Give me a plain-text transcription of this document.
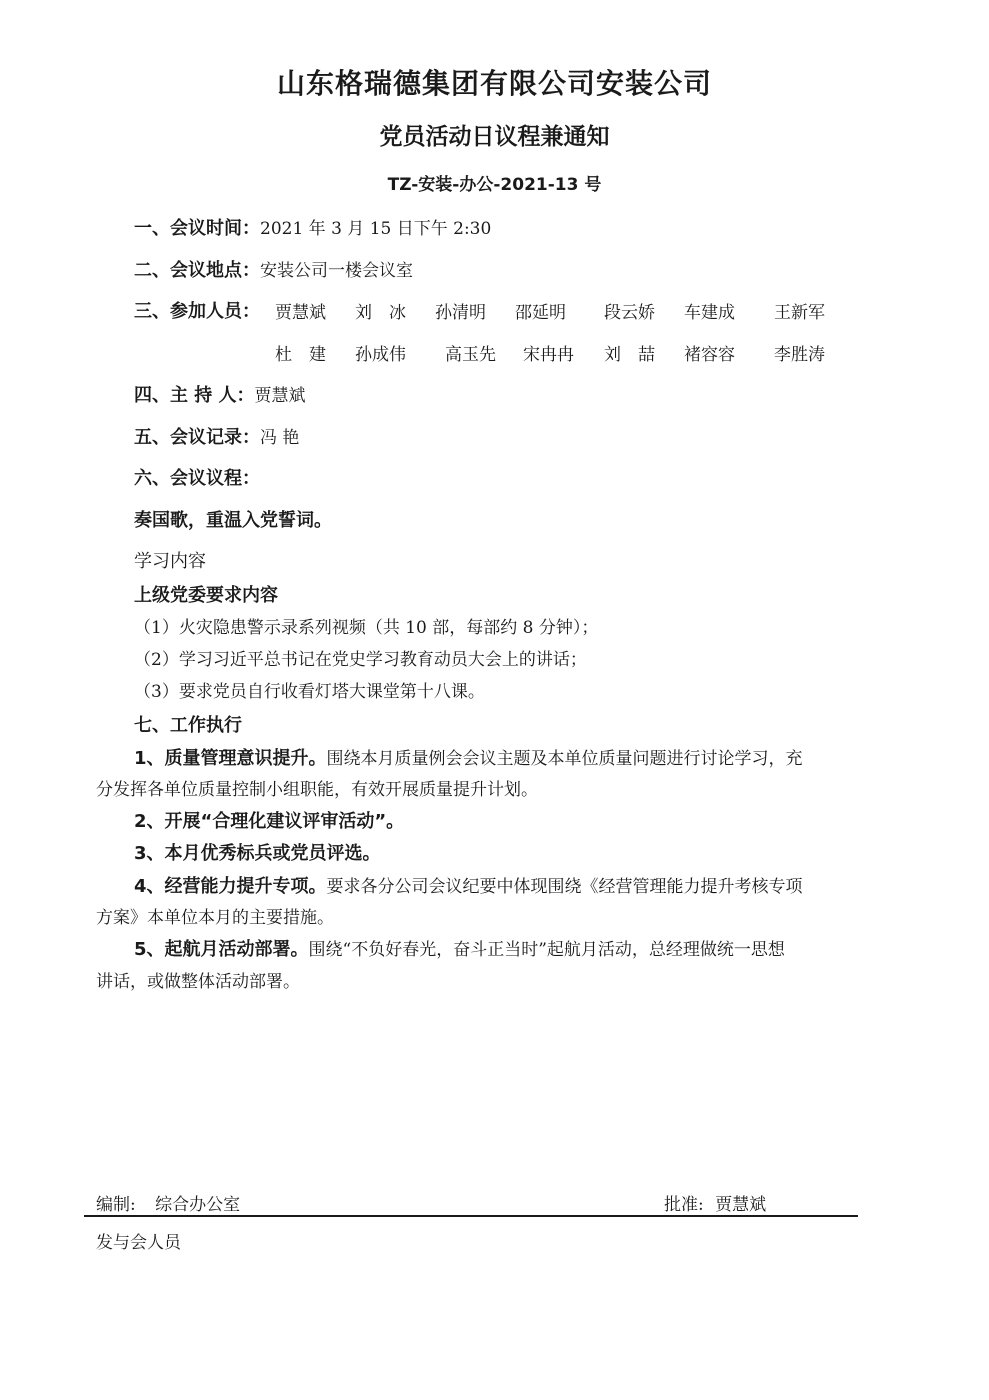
山东格瑞德集团有限公司安装公司
党员活动日议程兼通知
TZ-安装-办公-2021-13 号
一、会议时间：2021 年 3 月 15 日下午 2:30
二、会议地点：安装公司一楼会议室
三、参加人员： 贾慧斌 刘　冰 孙清明 邵延明 段云娇 车建成 王新军
杜　建 孙成伟 高玉先 宋冉冉 刘　喆 褚容容 李胜涛
四、主 持 人：贾慧斌
五、会议记录：冯 艳
六、会议议程：
奏国歌，重温入党誓词。
学习内容
上级党委要求内容
（1）火灾隐患警示录系列视频（共 10 部，每部约 8 分钟）；
（2）学习习近平总书记在党史学习教育动员大会上的讲话；
（3）要求党员自行收看灯塔大课堂第十八课。
七、工作执行
1、质量管理意识提升。围绕本月质量例会会议主题及本单位质量问题进行讨论学习，充
分发挥各单位质量控制小组职能，有效开展质量提升计划。
2、开展“合理化建议评审活动”。
3、本月优秀标兵或党员评选。
4、经营能力提升专项。要求各分公司会议纪要中体现围绕《经营管理能力提升考核专项
方案》本单位本月的主要措施。
5、起航月活动部署。围绕“不负好春光，奋斗正当时”起航月活动，总经理做统一思想
讲话，或做整体活动部署。
编制: 综合办公室	批准: 贾慧斌
发与会人员
